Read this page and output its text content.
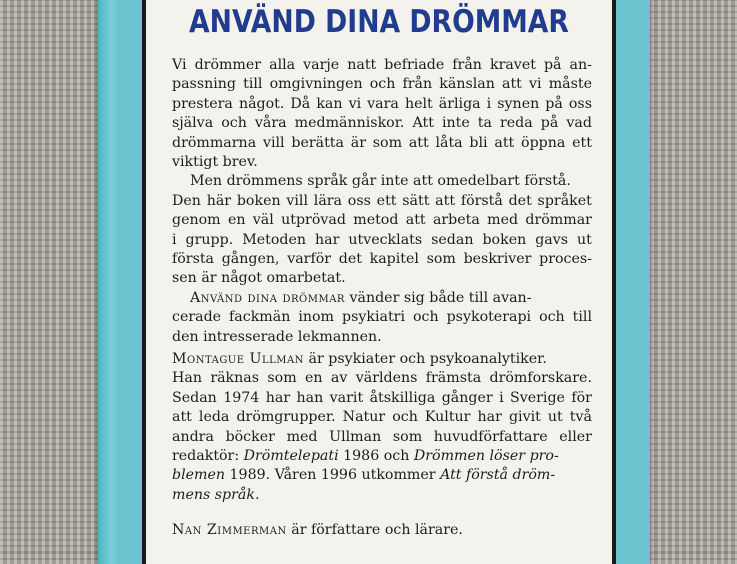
ANVÄND DINA DRÖMMAR

Vi drömmer alla varje natt befriade från kravet på an-
passning till omgivningen och från känslan att vi måste
prestera något. Då kan vi vara helt ärliga i synen på oss
själva och våra medmänniskor. Att inte ta reda på vad
drömmarna vill berätta är som att låta bli att öppna ett
viktigt brev.

Men drömmens språk går inte att omedelbart förstå.
Den här boken vill lära oss ett sätt att förstå det språket
genom en väl utprövad metod att arbeta med drömmar
i grupp. Metoden har utvecklats sedan boken gavs ut
första gången, varför det kapitel som beskriver proces-
sen är något omarbetat.

Använd dina drömmar vänder sig både till avan-
cerade fackmän inom psykiatri och psykoterapi och till
den intresserade lekmannen.

Montague Ullman är psykiater och psykoanalytiker.
Han räknas som en av världens främsta drömforskare.
Sedan 1974 har han varit åtskilliga gånger i Sverige för
att leda drömgrupper. Natur och Kultur har givit ut två
andra böcker med Ullman som huvudförfattare eller
redaktör: Drömtelepati 1986 och Drömmen löser pro-
blemen 1989. Våren 1996 utkommer Att förstå dröm-
mens språk.

Nan Zimmerman är författare och lärare.
